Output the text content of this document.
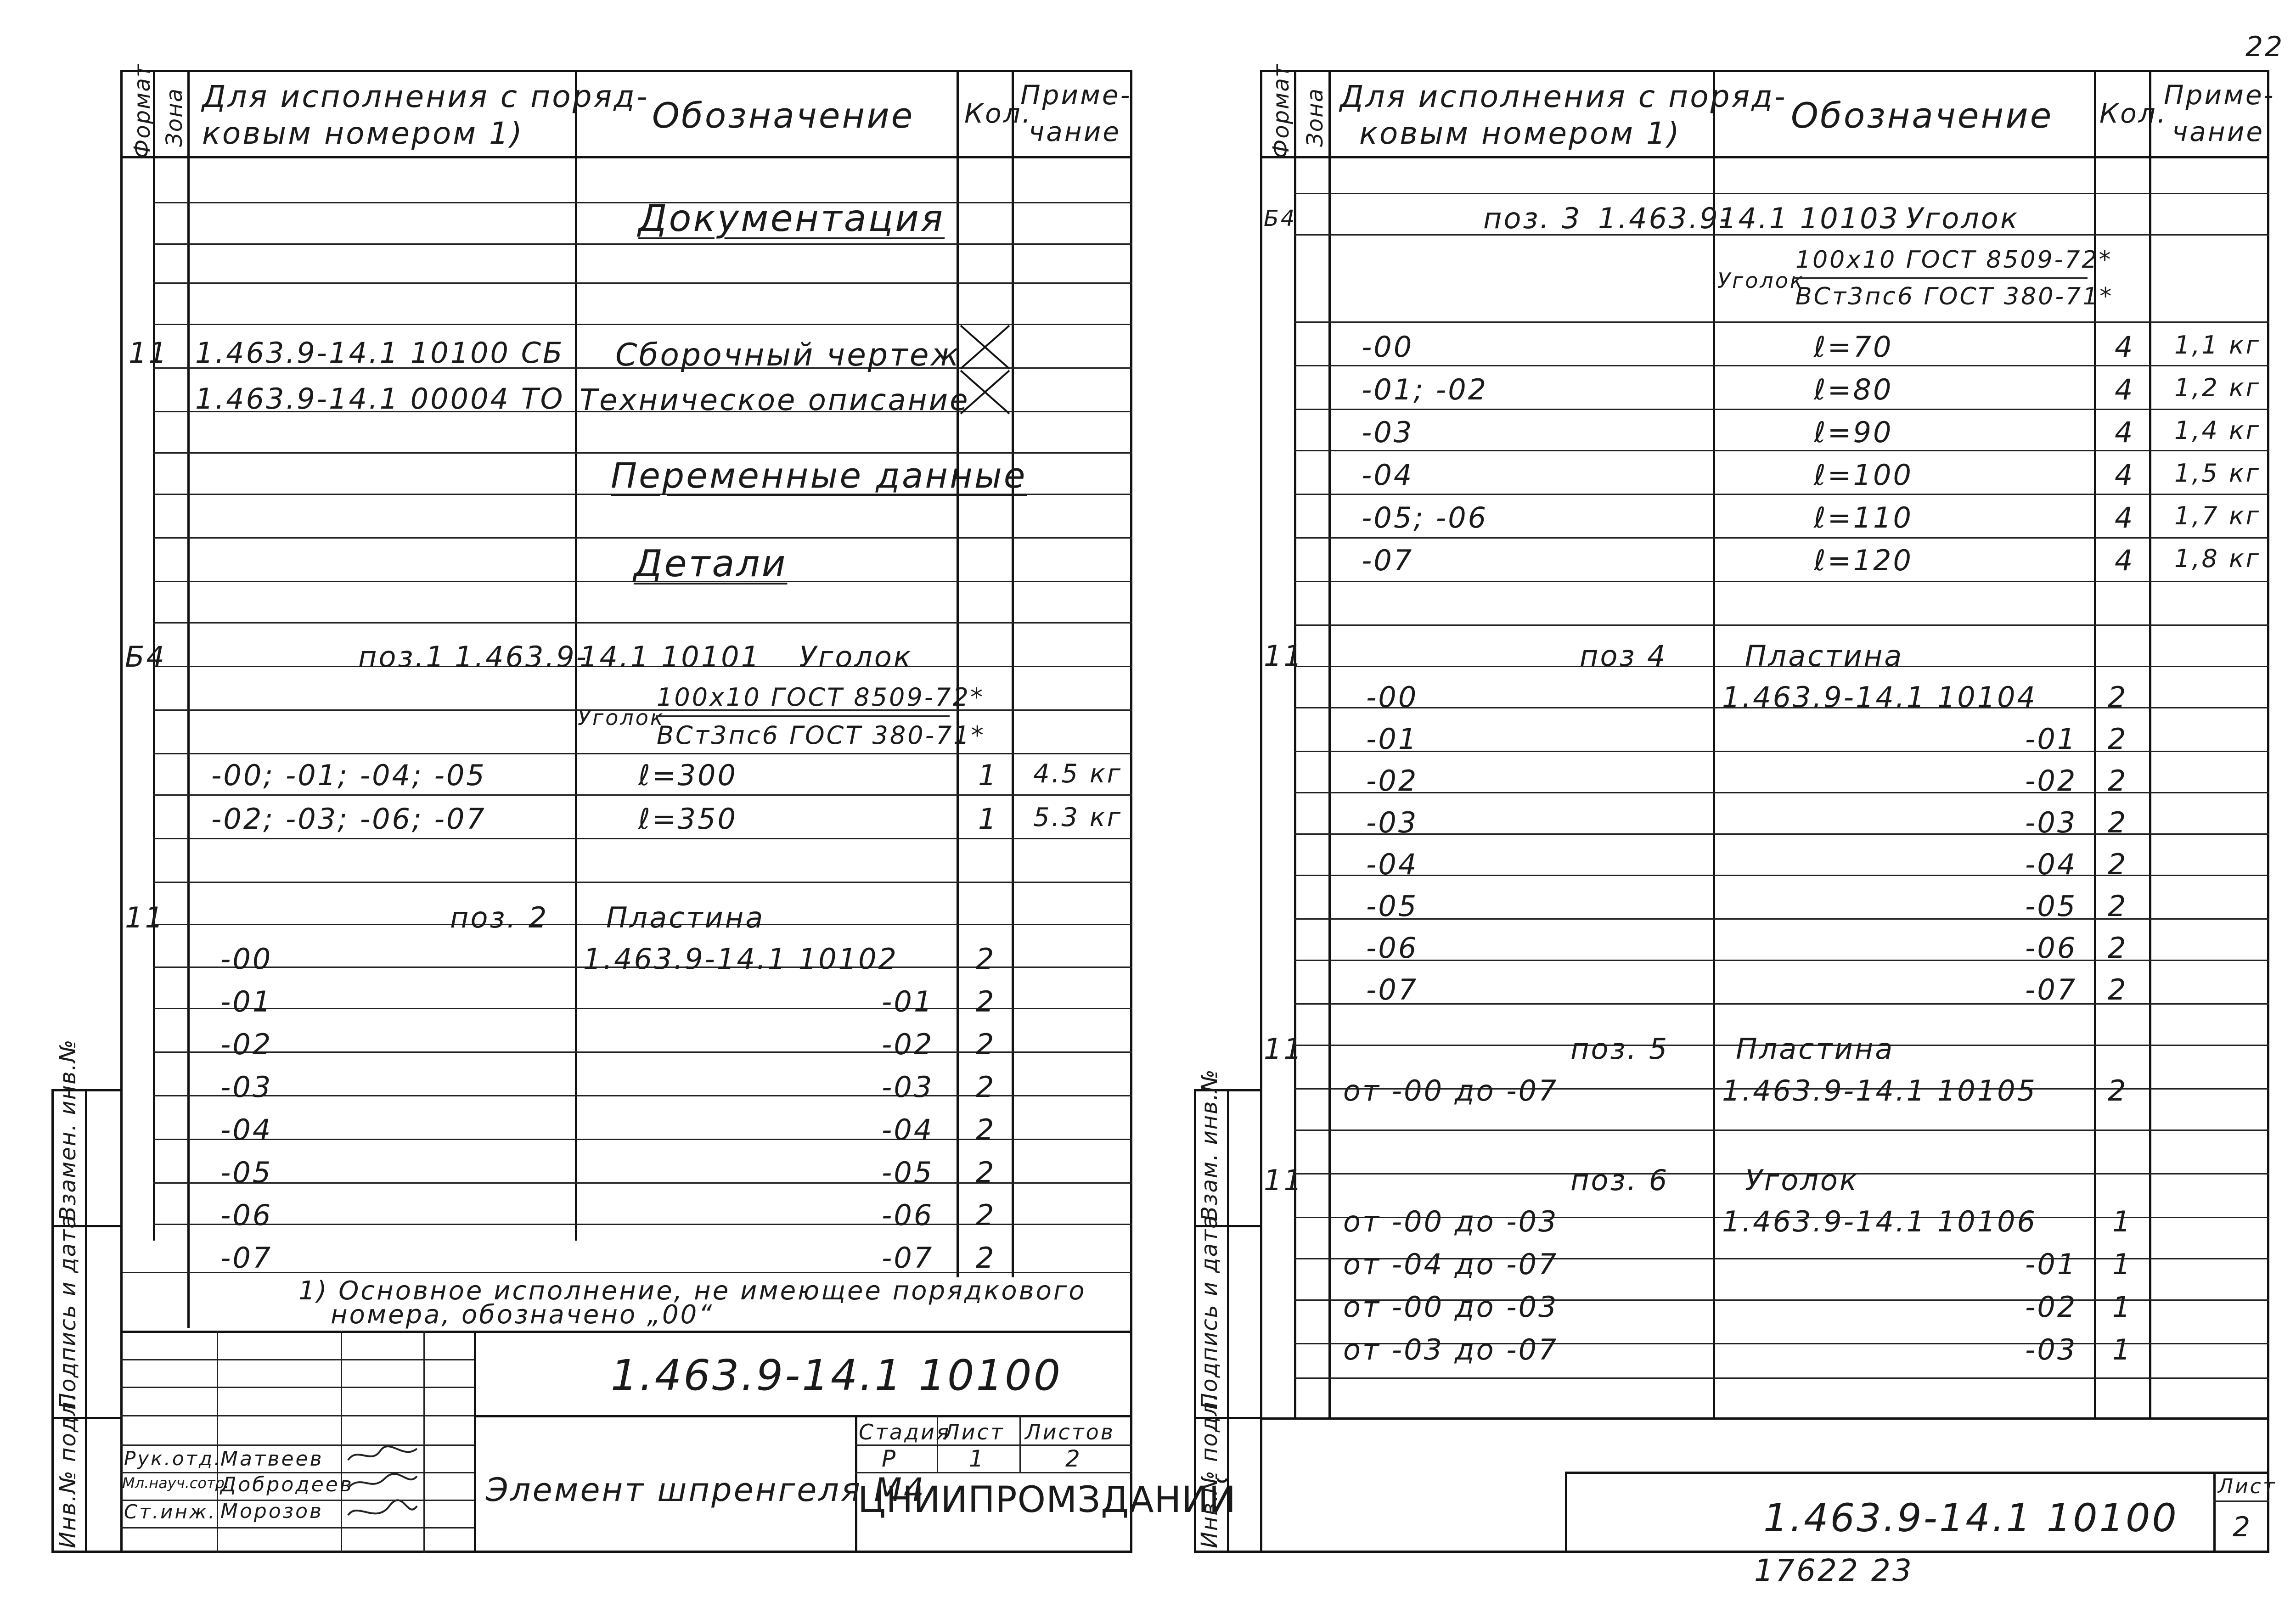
22
17622 23
Формат Зона Для исполнения с поряд-
ковым номером 1)	Обозначение Кол.
Приме-
чание
Документация
Переменные данные
Детали
11 1.463.9-14.1 10100 СБ Сборочный чертеж
1.463.9-14.1 00004 ТО Техническое описание
Б4	поз.1 1.463.9-
14.1 10101 Уголок
Уголок
100x10 ГОСТ 8509-72*
ВСт3пс6 ГОСТ 380-71*
-00; -01; -04; -05	ℓ=300	1 4.5 кг
-02; -03; -06; -07	ℓ=350	1 5.3 кг
11	поз. 2 Пластина
-00	1.463.9-14.1 10102	2
-01	-01 2
-02	-02 2
-03	-03 2
-04	-04 2
-05	-05 2
-06	-06 2
-07	-07 2
1) Основное исполнение, не имеющее порядкового
номера, обозначено „00“
Взамен. инв.№
Подпись и дата
Инв.№ подл.
1.463.9-14.1 10100
Элемент шпренгеля М4
ЦНИИПРОМЗДАНИЙ
Стадия
Лист Листов
Р	1	2
Рук.отд.
Матвеев
Мл.науч.сотр.
Добродеев
Ст.инж. Морозов
Формат Зона Для исполнения с поряд-
ковым номером 1)	Обозначение Кол.
Приме-
чание
Б4	поз. 3 1.463.9-
14.1 10103 Уголок
Уголок
100x10 ГОСТ 8509-72*
ВСт3пс6 ГОСТ 380-71*
-00	ℓ=70	4 1,1 кг
-01; -02	ℓ=80	4 1,2 кг
-03	ℓ=90	4 1,4 кг
-04	ℓ=100	4 1,5 кг
-05; -06	ℓ=110	4 1,7 кг
-07	ℓ=120	4 1,8 кг
11	поз 4	Пластина
-00	1.463.9-14.1 10104 2
-01	-01 2
-02	-02 2
-03	-03 2
-04	-04 2
-05	-05 2
-06	-06 2
-07	-07 2
11	поз. 5 Пластина
от -00 до -07	1.463.9-14.1 10105 2
11	поз. 6	Уголок
от -00 до -03	1.463.9-14.1 10106	1
от -04 до -07	-01 1
от -00 до -03	-02 1
от -03 до -07	-03 1
Взам. инв.№
Подпись и дата
Инв.№ подл.	1.463.9-14.1 10100
Лист
2
